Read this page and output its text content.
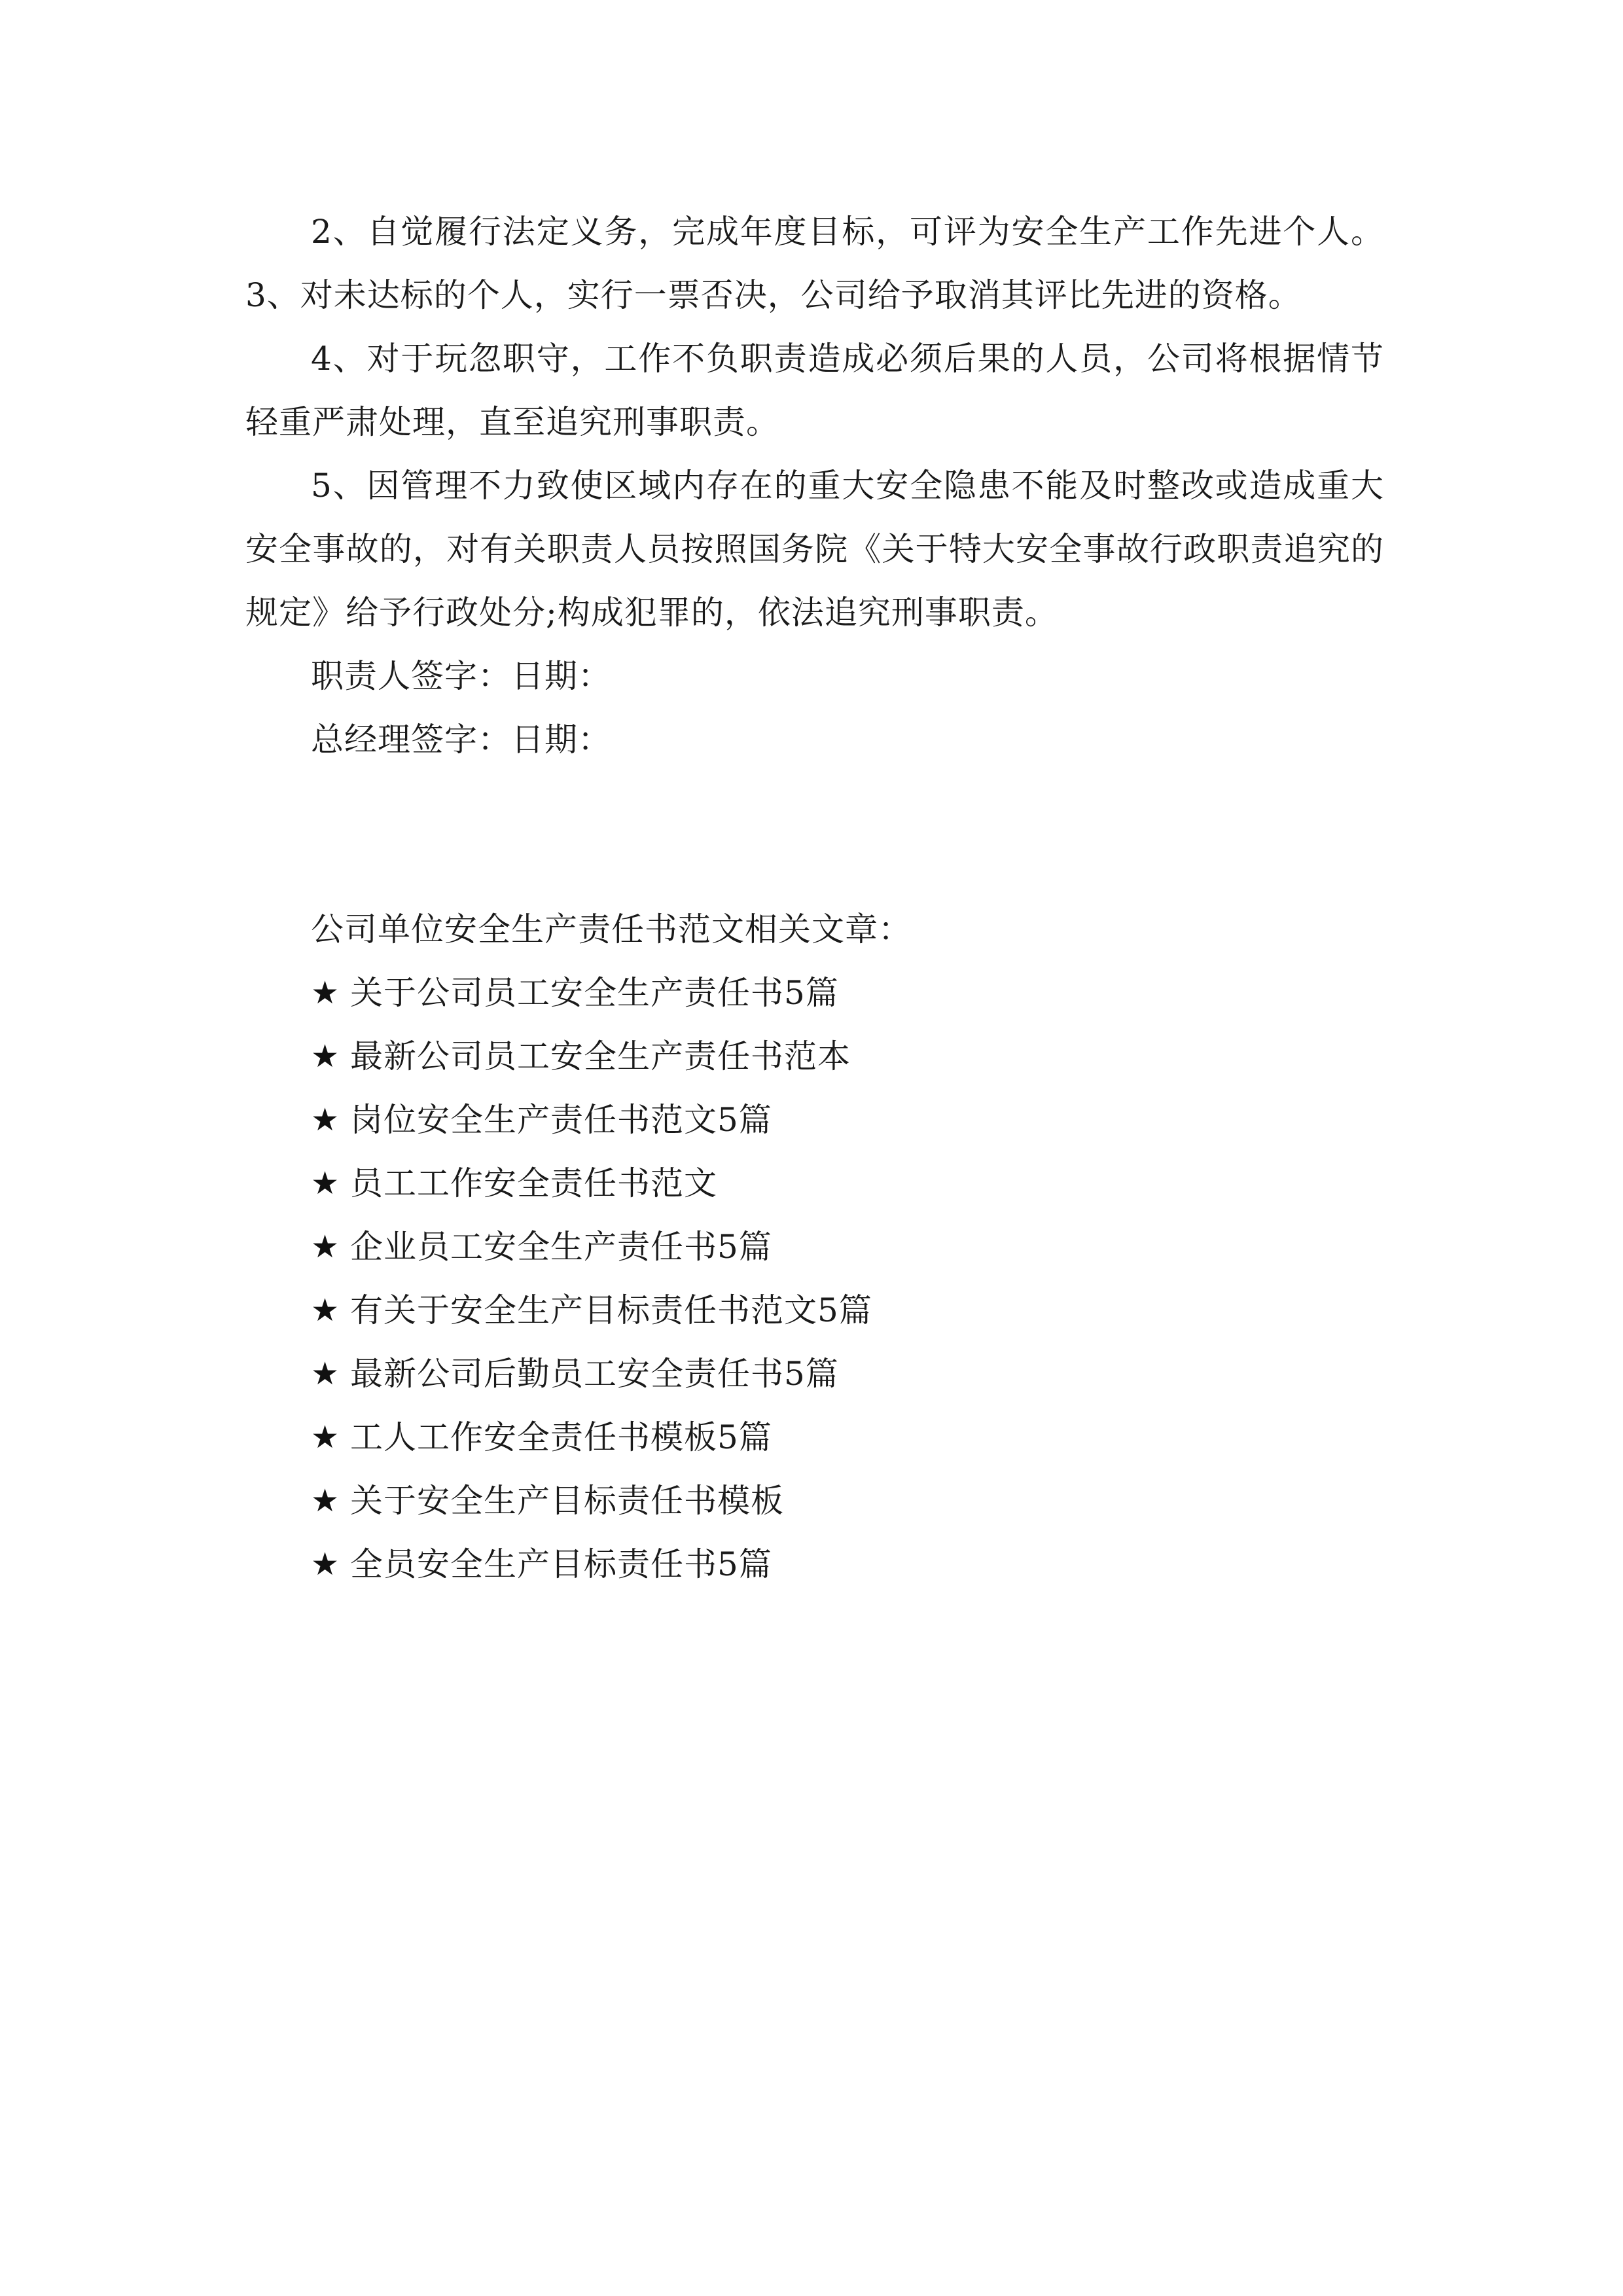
2、自觉履行法定义务，完成年度目标，可评为安全生产工作先进个人。3、对未达标的个人，实行一票否决，公司给予取消其评比先进的资格。

4、对于玩忽职守，工作不负职责造成必须后果的人员，公司将根据情节轻重严肃处理，直至追究刑事职责。

5、因管理不力致使区域内存在的重大安全隐患不能及时整改或造成重大安全事故的，对有关职责人员按照国务院《关于特大安全事故行政职责追究的规定》给予行政处分;构成犯罪的，依法追究刑事职责。

职责人签字：日期：

总经理签字：日期：

公司单位安全生产责任书范文相关文章：

★ 关于公司员工安全生产责任书5篇
★ 最新公司员工安全生产责任书范本
★ 岗位安全生产责任书范文5篇
★ 员工工作安全责任书范文
★ 企业员工安全生产责任书5篇
★ 有关于安全生产目标责任书范文5篇
★ 最新公司后勤员工安全责任书5篇
★ 工人工作安全责任书模板5篇
★ 关于安全生产目标责任书模板
★ 全员安全生产目标责任书5篇
